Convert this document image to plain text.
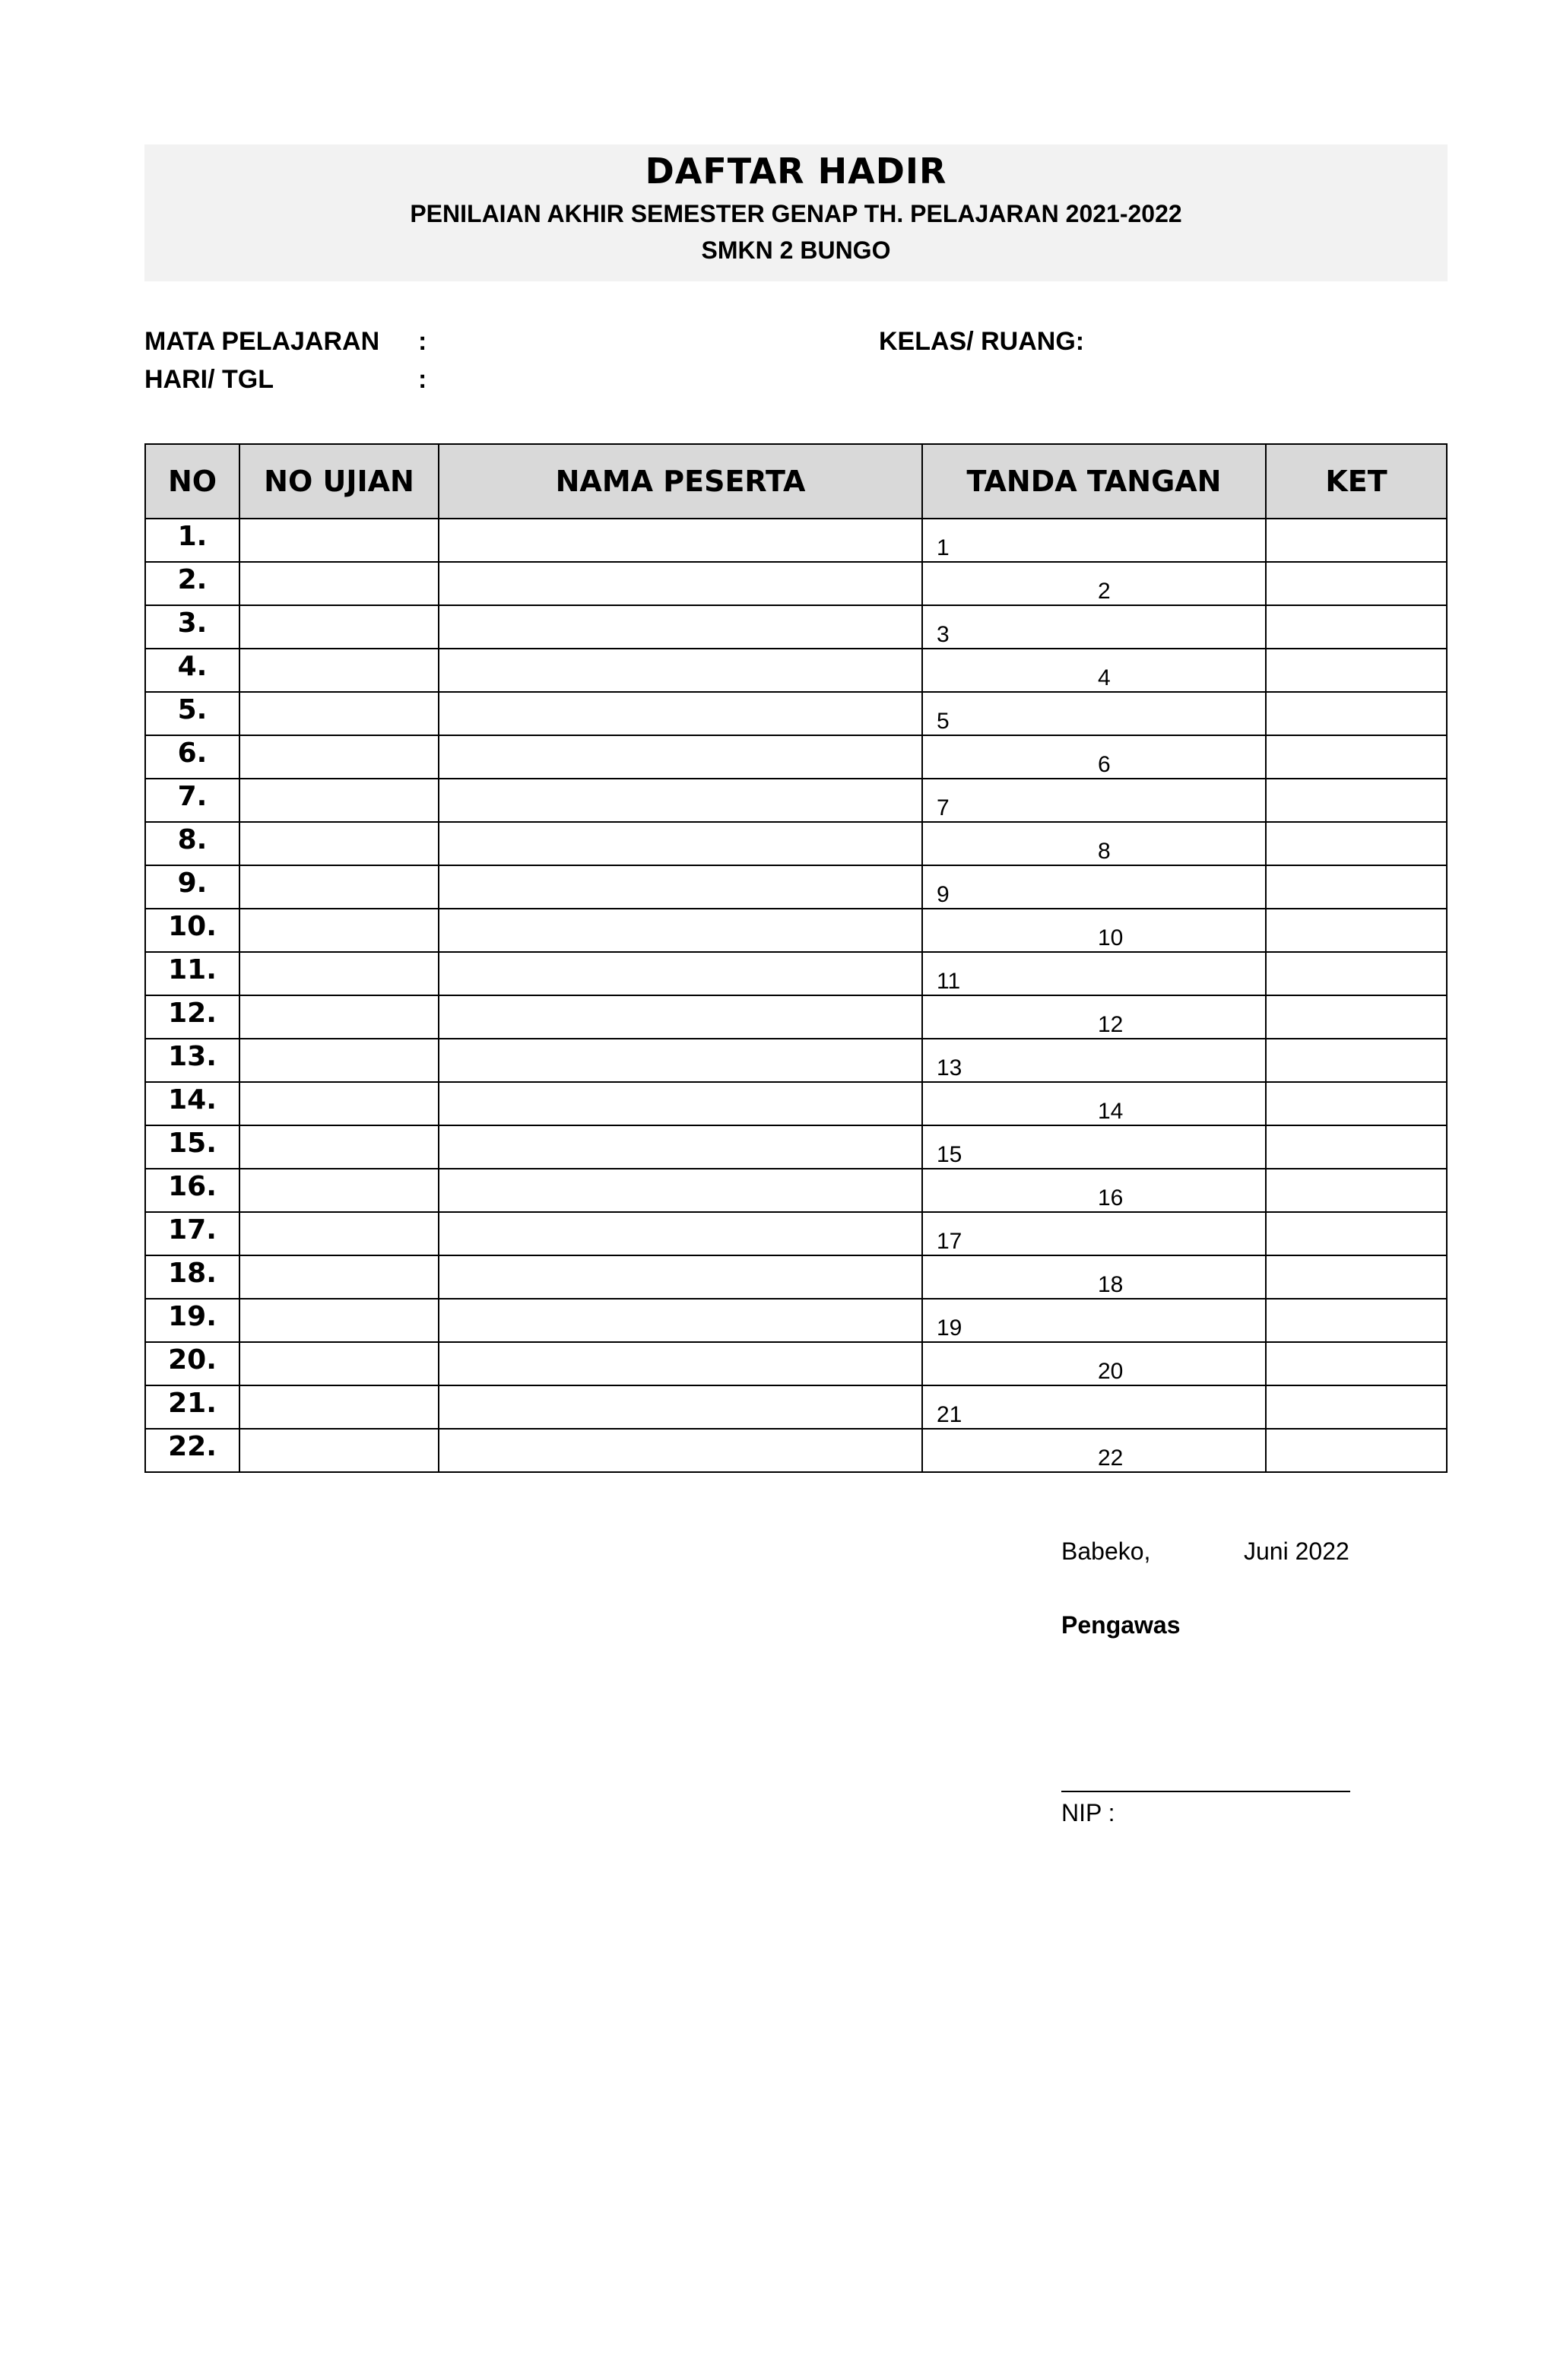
DAFTAR HADIR
PENILAIAN AKHIR SEMESTER GENAP TH. PELAJARAN 2021-2022
SMKN 2 BUNGO
MATA PELAJARAN :	KELAS/ RUANG:
HARI/ TGL	:
NO	NO UJIAN	NAMA PESERTA	TANDA TANGAN	KET
1.			1	
2.			2	
3.			3	
4.			4	
5.			5	
6.			6	
7.			7	
8.			8	
9.			9	
10.			10	
11.			11	
12.			12	
13.			13	
14.			14	
15.			15	
16.			16	
17.			17	
18.			18	
19.			19	
20.			20	
21.			21	
22.			22	
Babeko,	Juni 2022
Pengawas
NIP :
